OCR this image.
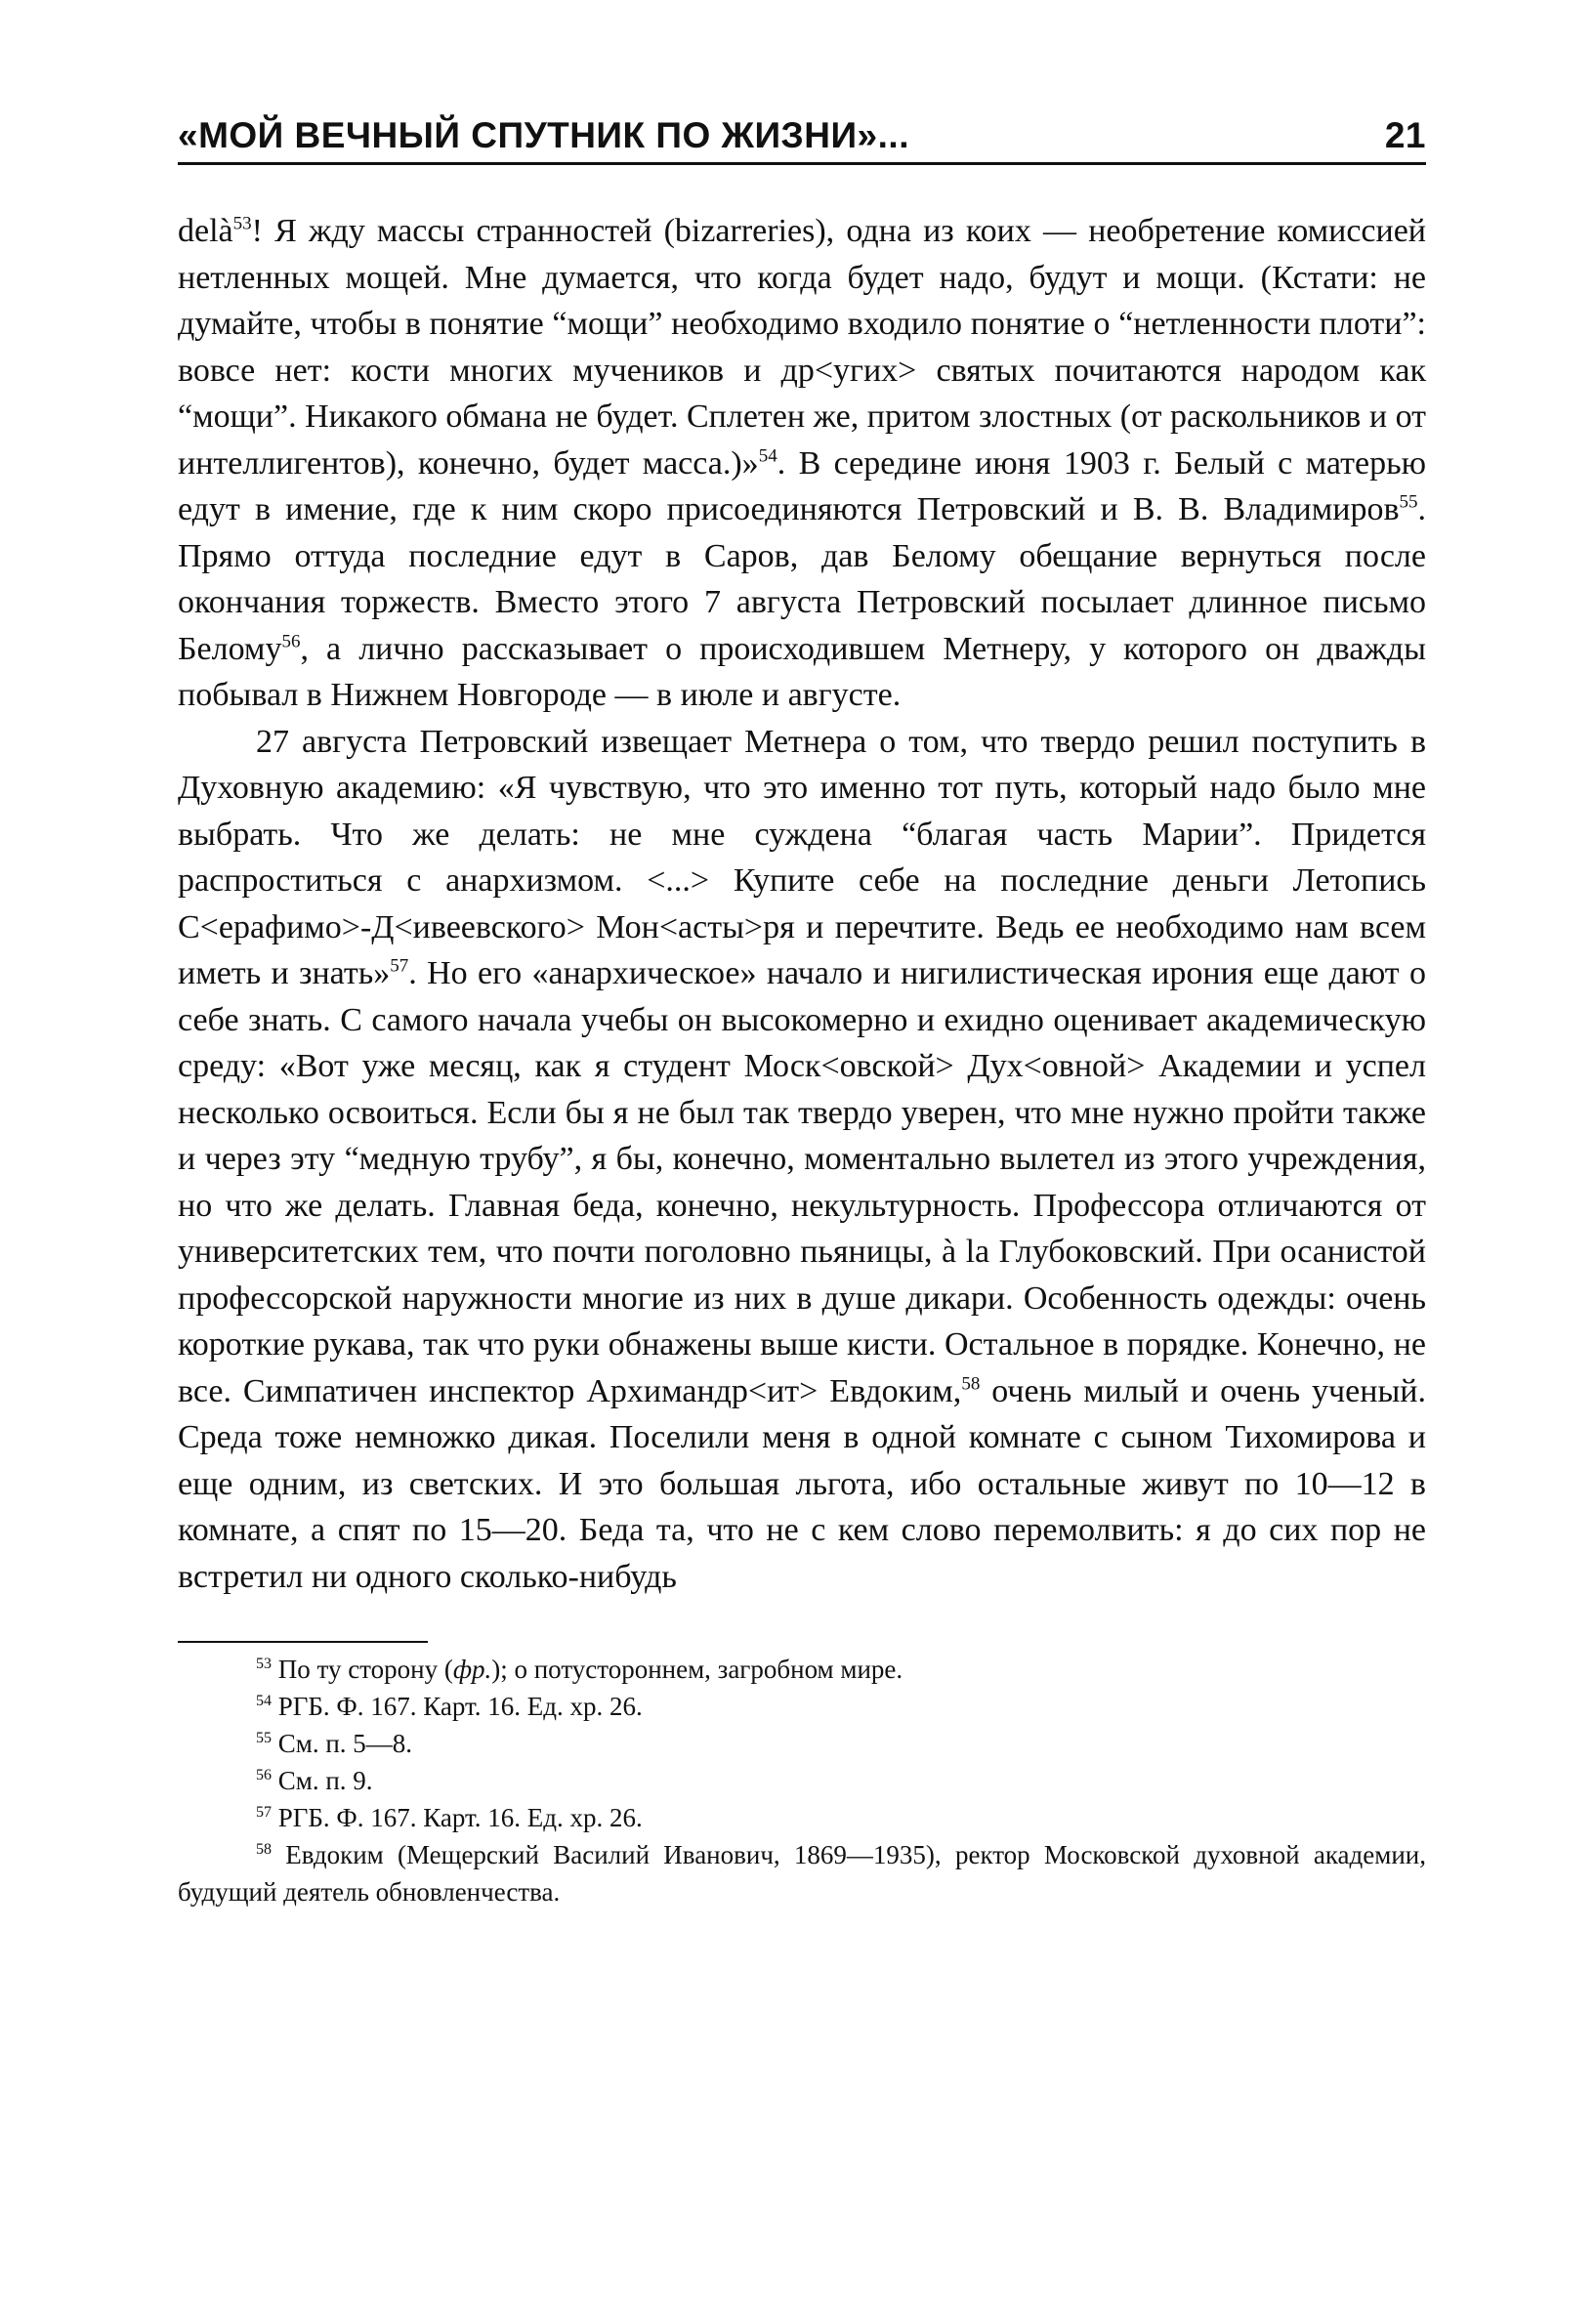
«МОЙ ВЕЧНЫЙ СПУТНИК ПО ЖИЗНИ»...	21

delà$^{53}$! Я жду массы странностей (bizarreries), одна из коих — необретение комиссией нетленных мощей. Мне думается, что когда будет надо, будут и мощи. (Кстати: не думайте, чтобы в понятие “мощи” необходимо входило понятие о “нетленности плоти”: вовсе нет: кости многих мучеников и др<угих> святых почитаются народом как “мощи”. Никакого обмана не будет. Сплетен же, притом злостных (от раскольников и от интеллигентов), конечно, будет масса.)»$^{54}$. В середине июня 1903 г. Белый с матерью едут в имение, где к ним скоро присоединяются Петровский и В. В. Владимиров$^{55}$. Прямо оттуда последние едут в Саров, дав Белому обещание вернуться после окончания торжеств. Вместо этого 7 августа Петровский посылает длинное письмо Белому$^{56}$, а лично рассказывает о происходившем Метнеру, у которого он дважды побывал в Нижнем Новгороде — в июле и августе.

27 августа Петровский извещает Метнера о том, что твердо решил поступить в Духовную академию: «Я чувствую, что это именно тот путь, который надо было мне выбрать. Что же делать: не мне суждена “благая часть Марии”. Придется распроститься с анархизмом. <...> Купите себе на последние деньги Летопись С<ерафимо>-Д<ивеевского> Мон<асты>ря и перечтите. Ведь ее необходимо нам всем иметь и знать»$^{57}$. Но его «анархическое» начало и нигилистическая ирония еще дают о себе знать. С самого начала учебы он высокомерно и ехидно оценивает академическую среду: «Вот уже месяц, как я студент Моск<овской> Дух<овной> Академии и успел несколько освоиться. Если бы я не был так твердо уверен, что мне нужно пройти также и через эту “медную трубу”, я бы, конечно, моментально вылетел из этого учреждения, но что же делать. Главная беда, конечно, некультурность. Профессора отличаются от университетских тем, что почти поголовно пьяницы, à la Глубоковский. При осанистой профессорской наружности многие из них в душе дикари. Особенность одежды: очень короткие рукава, так что руки обнажены выше кисти. Остальное в порядке. Конечно, не все. Симпатичен инспектор Архимандр<ит> Евдоким,$^{58}$ очень милый и очень ученый. Среда тоже немножко дикая. Поселили меня в одной комнате с сыном Тихомирова и еще одним, из светских. И это большая льгота, ибо остальные живут по 10—12 в комнате, а спят по 15—20. Беда та, что не с кем слово перемолвить: я до сих пор не встретил ни одного сколько-нибудь

$^{53}$ По ту сторону (фр.); о потустороннем, загробном мире.
$^{54}$ РГБ. Ф. 167. Карт. 16. Ед. хр. 26.
$^{55}$ См. п. 5—8.
$^{56}$ См. п. 9.
$^{57}$ РГБ. Ф. 167. Карт. 16. Ед. хр. 26.
$^{58}$ Евдоким (Мещерский Василий Иванович, 1869—1935), ректор Московской духовной академии, будущий деятель обновленчества.
